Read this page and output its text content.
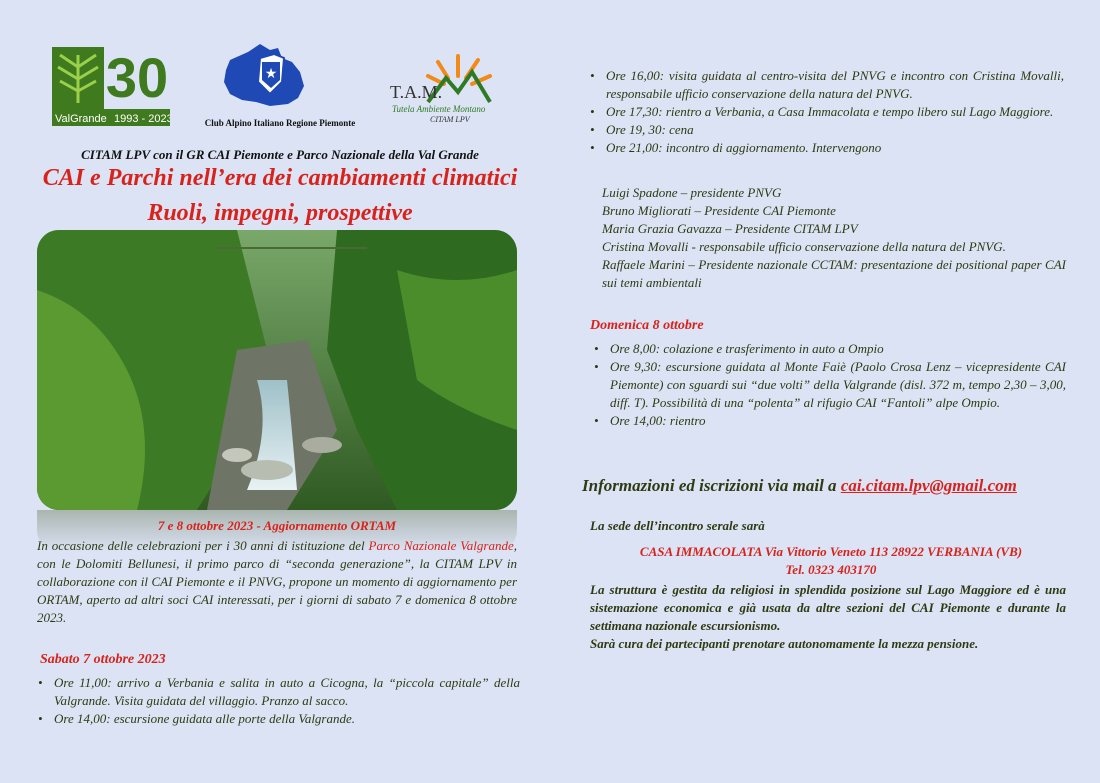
30
ValGrande 1993 - 2023
★
Club Alpino Italiano Regione Piemonte
T.A.M.
Tutela Ambiente Montano
CITAM LPV
CITAM LPV con il GR CAI Piemonte e Parco Nazionale della Val Grande
CAI e Parchi nell’era dei cambiamenti climatici
Ruoli, impegni, prospettive
7 e 8 ottobre 2023 - Aggiornamento ORTAM
In occasione delle celebrazioni per i 30 anni di istituzione del Parco Nazionale Valgrande, con le Dolomiti Bellunesi, il primo parco di “seconda generazione”, la CITAM LPV in collaborazione con il CAI Piemonte e il PNVG, propone un momento di aggiornamento per ORTAM, aperto ad altri soci CAI interessati, per i giorni di sabato 7 e domenica 8 ottobre 2023.
Sabato 7 ottobre 2023
• Ore 11,00: arrivo a Verbania e salita in auto a Cicogna, la “piccola capitale” della Valgrande. Visita guidata del villaggio. Pranzo al sacco.
• Ore 14,00: escursione guidata alle porte della Valgrande.
• Ore 16,00: visita guidata al centro-visita del PNVG e incontro con Cristina Movalli, responsabile ufficio conservazione della natura del PNVG.
• Ore 17,30: rientro a Verbania, a Casa Immacolata e tempo libero sul Lago Maggiore.
• Ore 19, 30: cena
• Ore 21,00: incontro di aggiornamento. Intervengono
Luigi Spadone – presidente PNVG
Bruno Migliorati – Presidente CAI Piemonte
Maria Grazia Gavazza – Presidente CITAM LPV
Cristina Movalli - responsabile ufficio conservazione della natura del PNVG.
Raffaele Marini – Presidente nazionale CCTAM: presentazione dei positional paper CAI sui temi ambientali
Domenica 8 ottobre
• Ore 8,00: colazione e trasferimento in auto a Ompio
• Ore 9,30: escursione guidata al Monte Faiè (Paolo Crosa Lenz – vicepresidente CAI Piemonte) con sguardi sui “due volti” della Valgrande (disl. 372 m, tempo 2,30 – 3,00, diff. T). Possibilità di una “polenta” al rifugio CAI “Fantoli” alpe Ompio.
• Ore 14,00: rientro
Informazioni ed iscrizioni via mail a cai.citam.lpv@gmail.com
La sede dell’incontro serale sarà
CASA IMMACOLATA Via Vittorio Veneto 113 28922 VERBANIA (VB)
Tel. 0323 403170
La struttura è gestita da religiosi in splendida posizione sul Lago Maggiore ed è una sistemazione economica e già usata da altre sezioni del CAI Piemonte e durante la settimana nazionale escursionismo.
Sarà cura dei partecipanti prenotare autonomamente la mezza pensione.
